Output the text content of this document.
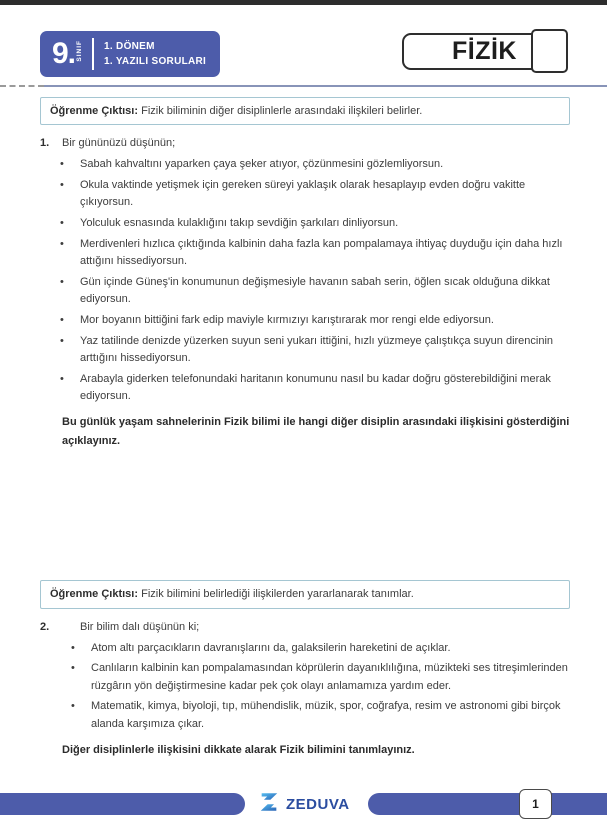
9. SINIF 1. DÖNEM
1. YAZILI SORULARI	FİZİK
Öğrenme Çıktısı: Fizik biliminin diğer disiplinlerle arasındaki ilişkileri belirler.
1.	Bir gününüzü düşünün;
•	Sabah kahvaltını yaparken çaya şeker atıyor, çözünmesini gözlemliyorsun.
•	Okula vaktinde yetişmek için gereken süreyi yaklaşık olarak hesaplayıp evden doğru vakitte çıkıyorsun.
•	Yolculuk esnasında kulaklığını takıp sevdiğin şarkıları dinliyorsun.
•	Merdivenleri hızlıca çıktığında kalbinin daha fazla kan pompalamaya ihtiyaç duyduğu için daha hızlı attığını hissediyorsun.
•	Gün içinde Güneş'in konumunun değişmesiyle havanın sabah serin, öğlen sıcak olduğuna dikkat ediyorsun.
•	Mor boyanın bittiğini fark edip maviyle kırmızıyı karıştırarak mor rengi elde ediyorsun.
•	Yaz tatilinde denizde yüzerken suyun seni yukarı ittiğini, hızlı yüzmeye çalıştıkça suyun direncinin arttığını hissediyorsun.
•	Arabayla giderken telefonundaki haritanın konumunu nasıl bu kadar doğru gösterebildiğini merak ediyorsun.
Bu günlük yaşam sahnelerinin Fizik bilimi ile hangi diğer disiplin arasındaki ilişkisini gösterdiğini açıklayınız.
Öğrenme Çıktısı: Fizik bilimini belirlediği ilişkilerden yararlanarak tanımlar.
2.	Bir bilim dalı düşünün ki;
•	Atom altı parçacıkların davranışlarını da, galaksilerin hareketini de açıklar.
•	Canlıların kalbinin kan pompalamasından köprülerin dayanıklılığına, müzikteki ses titreşimlerinden rüzgârın yön değiştirmesine kadar pek çok olayı anlamamıza yardım eder.
•	Matematik, kimya, biyoloji, tıp, mühendislik, müzik, spor, coğrafya, resim ve astronomi gibi birçok alanda karşımıza çıkar.
Diğer disiplinlerle ilişkisini dikkate alarak Fizik bilimini tanımlayınız.
ZEDUVA	1
